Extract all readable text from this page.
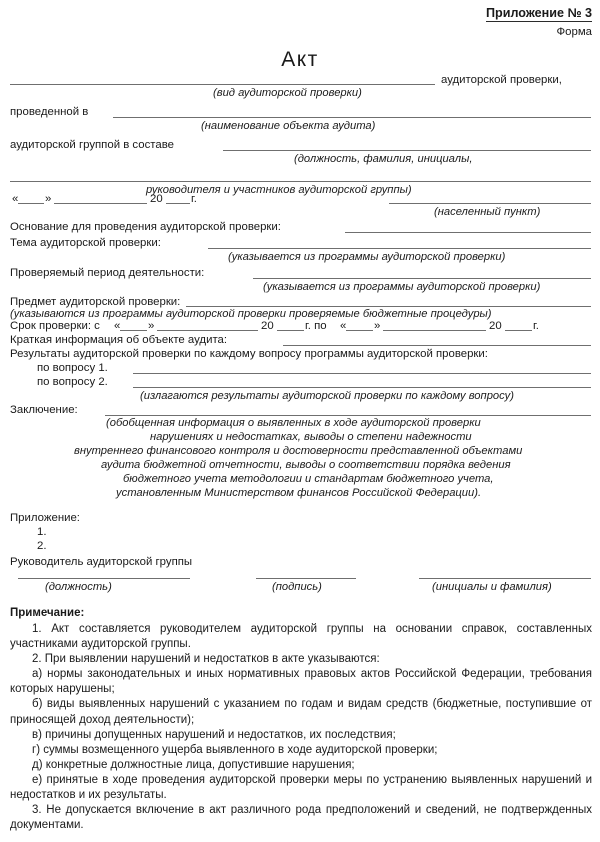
Приложение № 3
Форма
Акт
аудиторской проверки,
(вид аудиторской проверки)
проведенной в
(наименование объекта аудита)
аудиторской группой в составе
(должность, фамилия, инициалы,
руководителя и участников аудиторской группы)
« »	20 г.
(населенный пункт)
Основание для проведения аудиторской проверки:
Тема аудиторской проверки:
(указывается из программы аудиторской проверки)
Проверяемый период деятельности:
(указывается из программы аудиторской проверки)
Предмет аудиторской проверки:
(указываются из программы аудиторской проверки проверяемые бюджетные процедуры)
Срок проверки: с « »	20	г. по « »	20	г.
Краткая информация об объекте аудита:
Результаты аудиторской проверки по каждому вопросу программы аудиторской проверки:
по вопросу 1.
по вопросу 2.
(излагаются результаты аудиторской проверки по каждому вопросу)
Заключение:
(обобщенная информация о выявленных в ходе аудиторской проверки
нарушениях и недостатках, выводы о степени надежности
внутреннего финансового контроля и достоверности представленной объектами
аудита бюджетной отчетности, выводы о соответствии порядка ведения
бюджетного учета методологии и стандартам бюджетного учета,
установленным Министерством финансов Российской Федерации).
Приложение:
1.
2.
Руководитель аудиторской группы
(должность)	(подпись)	(инициалы и фамилия)
Примечание:

1. Акт составляется руководителем аудиторской группы на основании справок, составленных участниками аудиторской группы.

2. При выявлении нарушений и недостатков в акте указываются:

а) нормы законодательных и иных нормативных правовых актов Российской Федерации, требования которых нарушены;

б) виды выявленных нарушений с указанием по годам и видам средств (бюджетные, поступившие от приносящей доход деятельности);

в) причины допущенных нарушений и недостатков, их последствия;

г) суммы возмещенного ущерба выявленного в ходе аудиторской проверки;

д) конкретные должностные лица, допустившие нарушения;

е) принятые в ходе проведения аудиторской проверки меры по устранению выявленных нарушений и недостатков и их результаты.

3. Не допускается включение в акт различного рода предположений и сведений, не подтвержденных документами.
